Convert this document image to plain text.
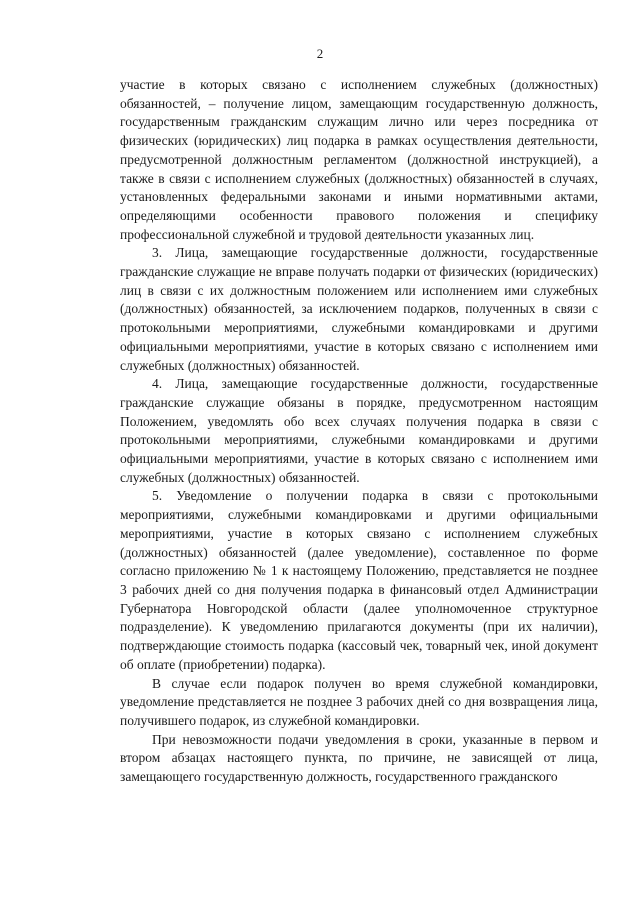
2

участие в которых связано с исполнением служебных (должностных) обязанностей, – получение лицом, замещающим государственную должность, государственным гражданским служащим лично или через посредника от физических (юридических) лиц подарка в рамках осуществления деятельности, предусмотренной должностным регламентом (должностной инструкцией), а также в связи с исполнением служебных (должностных) обязанностей в случаях, установленных федеральными законами и иными нормативными актами, определяющими особенности правового положения и специфику профессиональной служебной и трудовой деятельности указанных лиц.

3. Лица, замещающие государственные должности, государственные гражданские служащие не вправе получать подарки от физических (юридических) лиц в связи с их должностным положением или исполнением ими служебных (должностных) обязанностей, за исключением подарков, полученных в связи с протокольными мероприятиями, служебными командировками и другими официальными мероприятиями, участие в которых связано с исполнением ими служебных (должностных) обязанностей.

4. Лица, замещающие государственные должности, государственные гражданские служащие обязаны в порядке, предусмотренном настоящим Положением, уведомлять обо всех случаях получения подарка в связи с протокольными мероприятиями, служебными командировками и другими официальными мероприятиями, участие в которых связано с исполнением ими служебных (должностных) обязанностей.

5. Уведомление о получении подарка в связи с протокольными мероприятиями, служебными командировками и другими официальными мероприятиями, участие в которых связано с исполнением служебных (должностных) обязанностей (далее уведомление), составленное по форме согласно приложению № 1 к настоящему Положению, представляется не позднее 3 рабочих дней со дня получения подарка в финансовый отдел Администрации Губернатора Новгородской области (далее уполномоченное структурное подразделение). К уведомлению прилагаются документы (при их наличии), подтверждающие стоимость подарка (кассовый чек, товарный чек, иной документ об оплате (приобретении) подарка).

В случае если подарок получен во время служебной командировки, уведомление представляется не позднее 3 рабочих дней со дня возвращения лица, получившего подарок, из служебной командировки.

При невозможности подачи уведомления в сроки, указанные в первом и втором абзацах настоящего пункта, по причине, не зависящей от лица, замещающего государственную должность, государственного гражданского
